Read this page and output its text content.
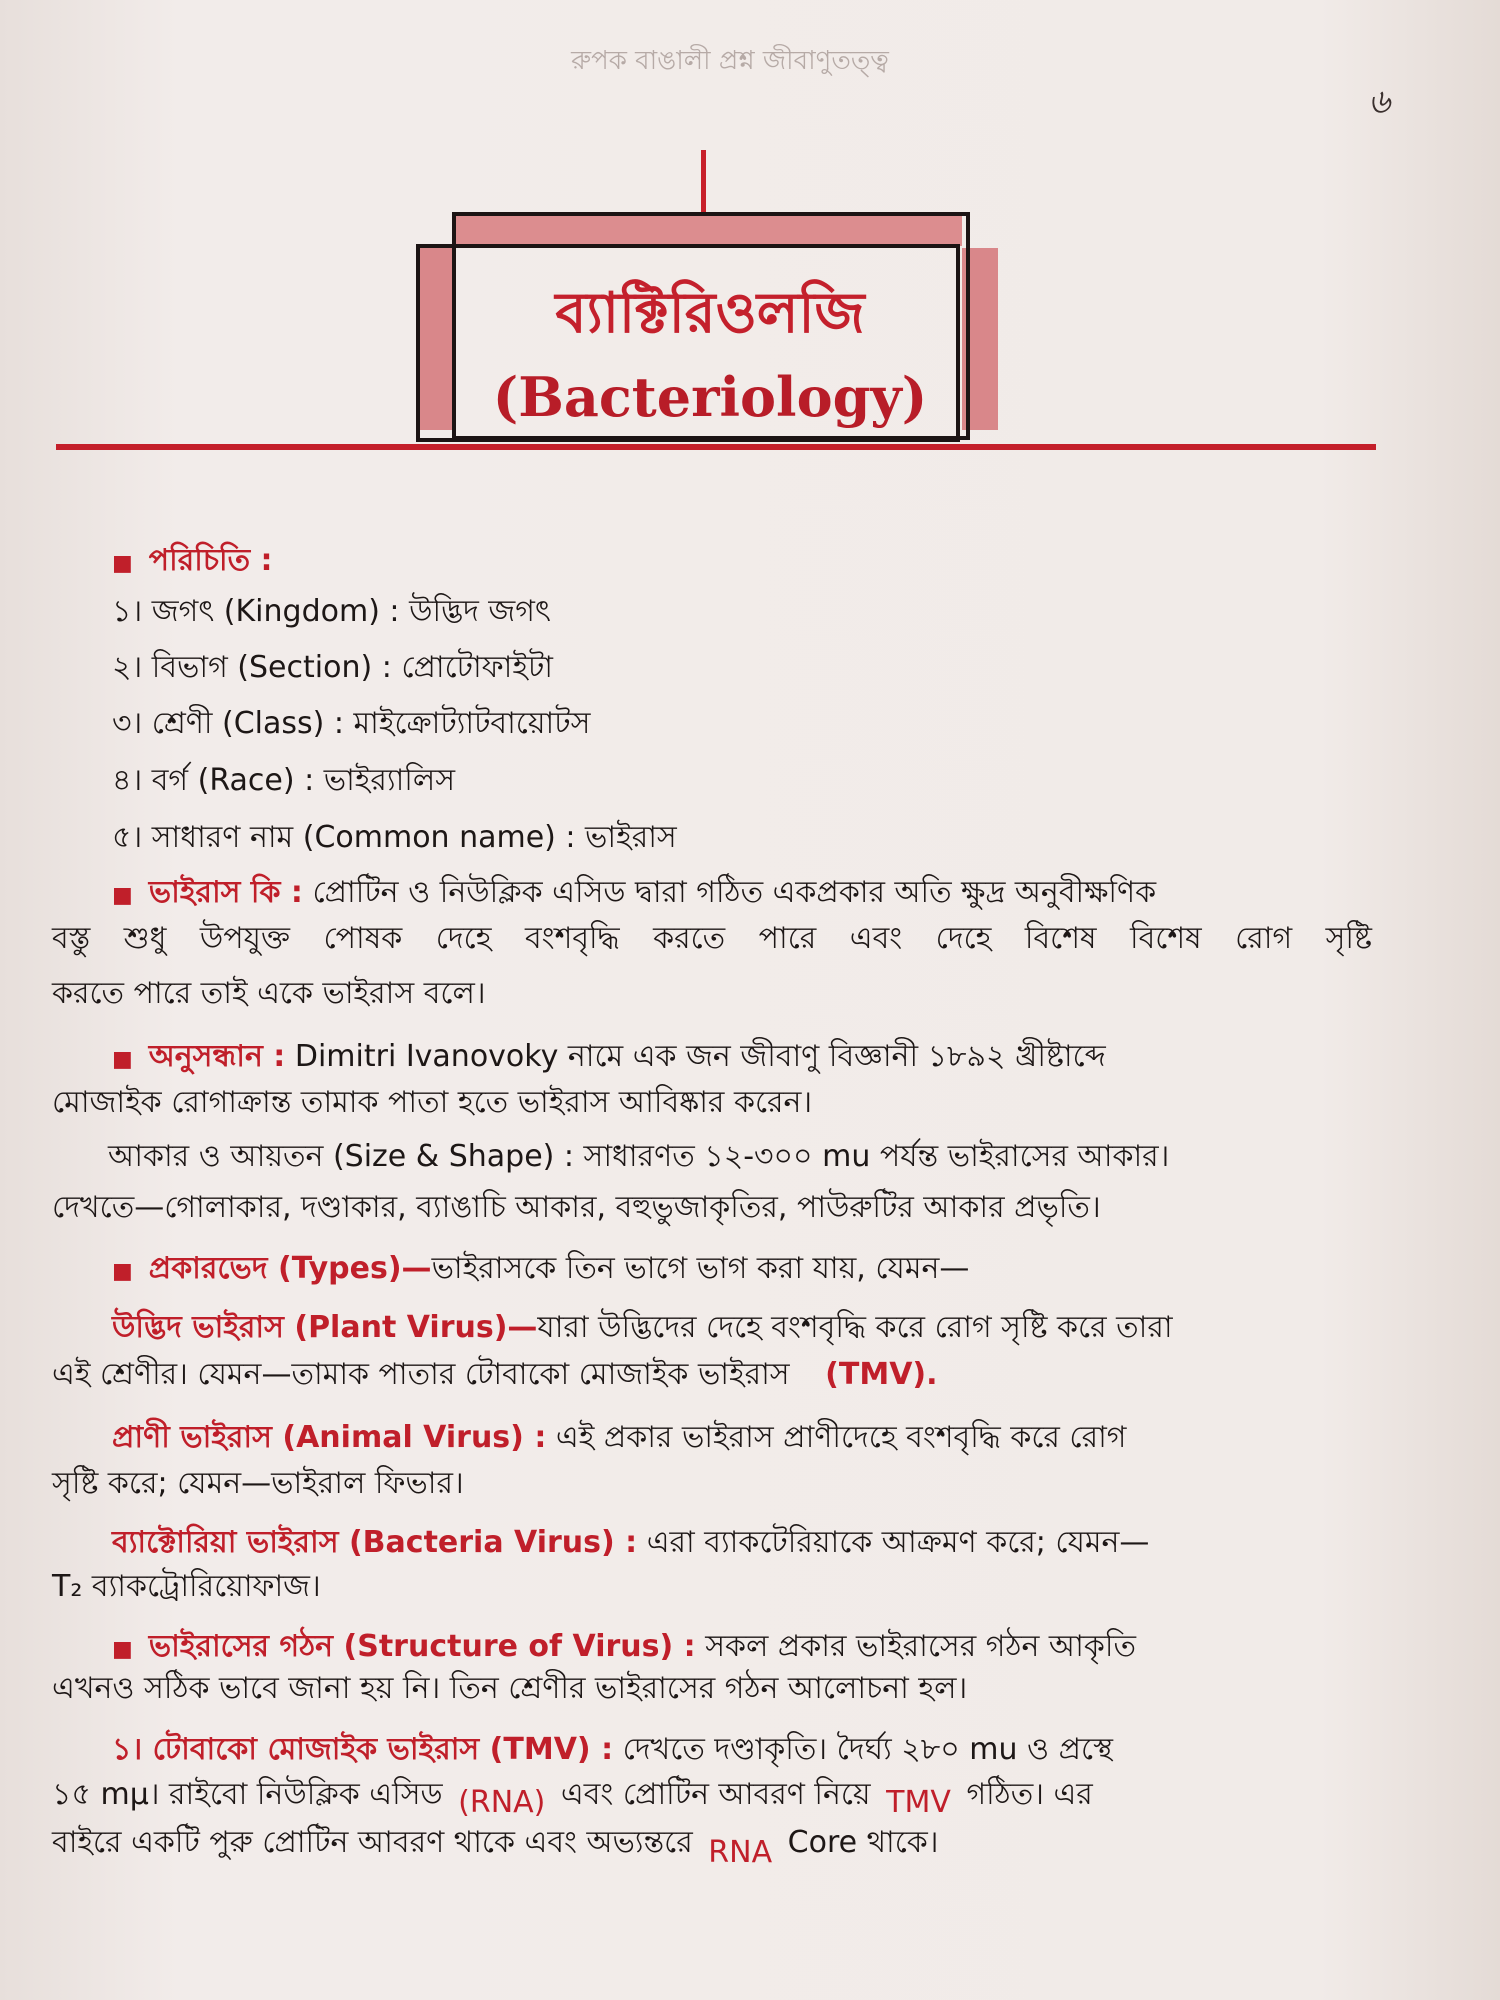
রুপক বাঙালী প্রশ্ন জীবাণুতত্ত্ব
৬
ব্যাক্টিরিওলজি
(Bacteriology)
■ পরিচিতি :
১। জগৎ (Kingdom) : উদ্ভিদ জগৎ
২। বিভাগ (Section) : প্রোটোফাইটা
৩। শ্রেণী (Class) : মাইক্রোট্যাটবায়োটস
৪। বর্গ (Race) : ভাইর‌্যালিস
৫। সাধারণ নাম (Common name) : ভাইরাস
■ ভাইরাস কি : প্রোটিন ও নিউক্লিক এসিড দ্বারা গঠিত একপ্রকার অতি ক্ষুদ্র অনুবীক্ষণিক
বস্তু শুধু উপযুক্ত পোষক দেহে বংশবৃদ্ধি করতে পারে এবং দেহে বিশেষ বিশেষ রোগ সৃষ্টি
করতে পারে তাই একে ভাইরাস বলে।
■ অনুসন্ধান : Dimitri Ivanovoky নামে এক জন জীবাণু বিজ্ঞানী ১৮৯২ খ্রীষ্টাব্দে
মোজাইক রোগাক্রান্ত তামাক পাতা হতে ভাইরাস আবিষ্কার করেন।
আকার ও আয়তন (Size & Shape) : সাধারণত ১২-৩০০ mu পর্যন্ত ভাইরাসের আকার।
দেখতে—গোলাকার, দণ্ডাকার, ব্যাঙাচি আকার, বহুভুজাকৃতির, পাউরুটির আকার প্রভৃতি।
■ প্রকারভেদ (Types)—ভাইরাসকে তিন ভাগে ভাগ করা যায়, যেমন—
উদ্ভিদ ভাইরাস (Plant Virus)—যারা উদ্ভিদের দেহে বংশবৃদ্ধি করে রোগ সৃষ্টি করে তারা
এই শ্রেণীর। যেমন—তামাক পাতার টোবাকো মোজাইক ভাইরাস (TMV).
প্রাণী ভাইরাস (Animal Virus) : এই প্রকার ভাইরাস প্রাণীদেহে বংশবৃদ্ধি করে রোগ
সৃষ্টি করে; যেমন—ভাইরাল ফিভার।
ব্যাক্টোরিয়া ভাইরাস (Bacteria Virus) : এরা ব্যাকটেরিয়াকে আক্রমণ করে; যেমন—
T₂ ব্যাকট্রোরিয়োফাজ।
■ ভাইরাসের গঠন (Structure of Virus) : সকল প্রকার ভাইরাসের গঠন আকৃতি
এখনও সঠিক ভাবে জানা হয় নি। তিন শ্রেণীর ভাইরাসের গঠন আলোচনা হল।
১। টোবাকো মোজাইক ভাইরাস (TMV) : দেখতে দণ্ডাকৃতি। দৈর্ঘ্য ২৮০ mu ও প্রস্থে
১৫ mμ। রাইবো নিউক্লিক এসিড (RNA) এবং প্রোটিন আবরণ নিয়ে TMV গঠিত। এর
বাইরে একটি পুরু প্রোটিন আবরণ থাকে এবং অভ্যন্তরে RNA Core থাকে।
